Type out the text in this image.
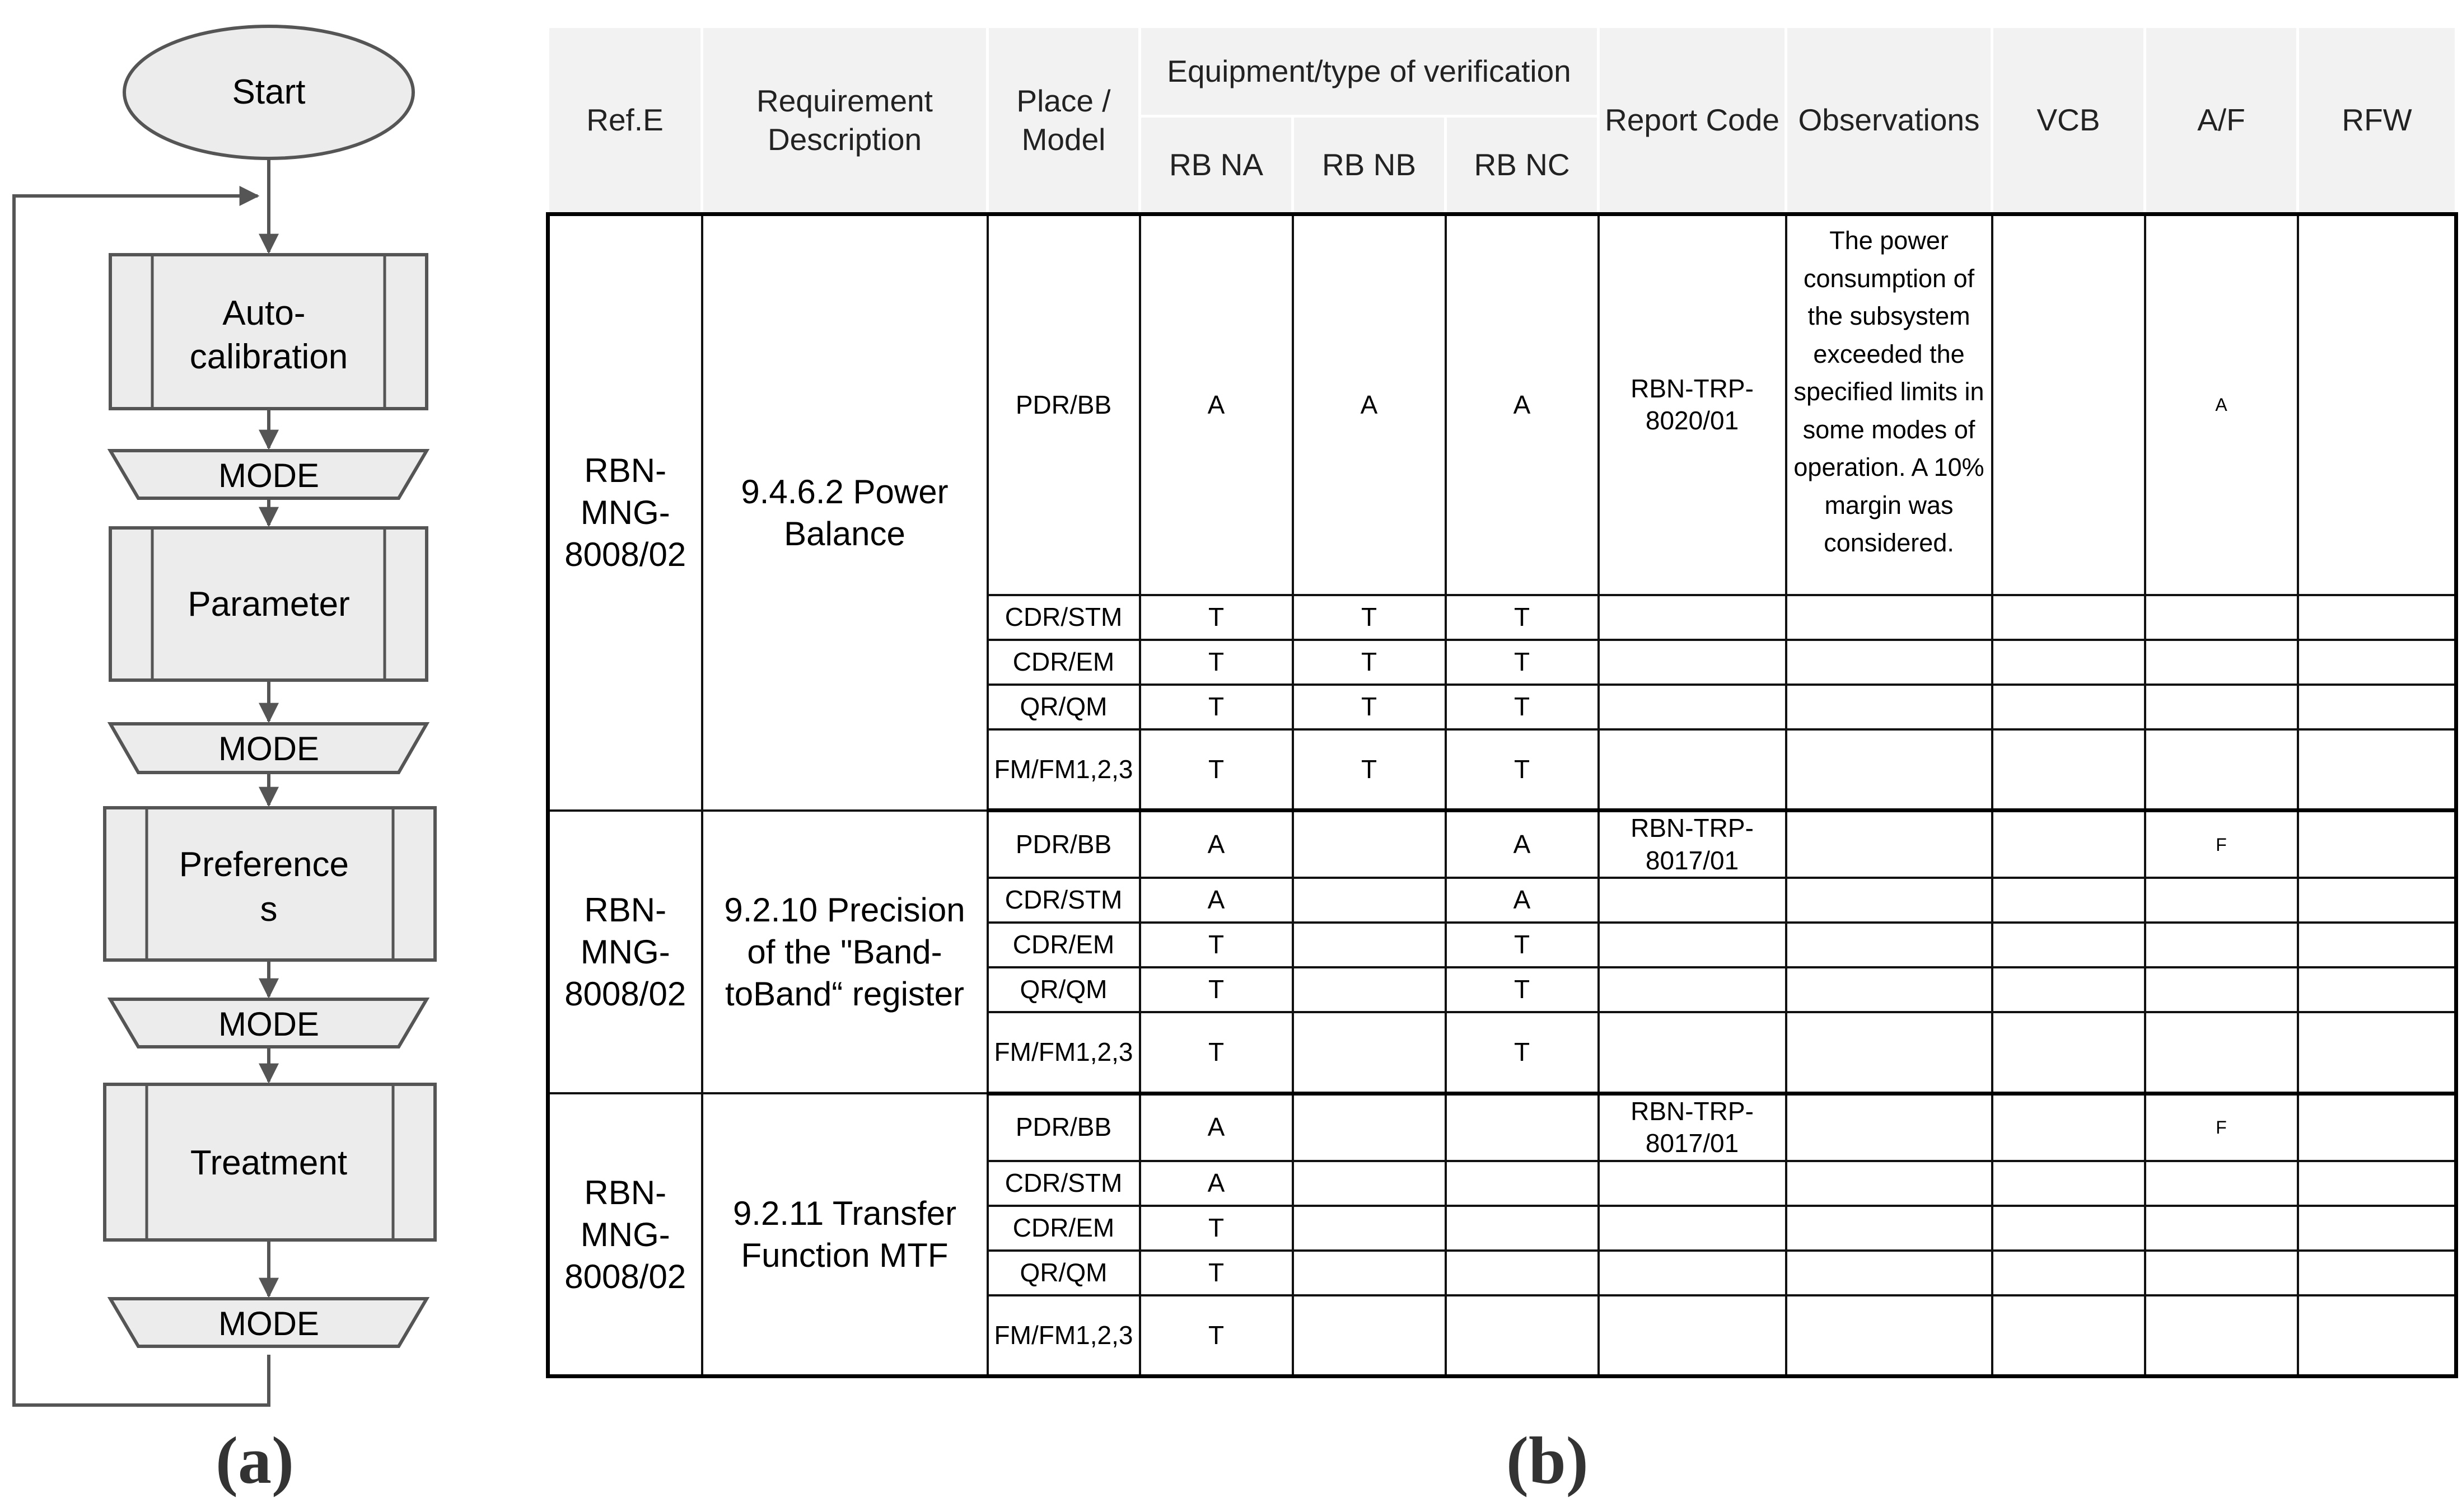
Start
Auto- calibration
MODE
Parameter
MODE
Preference s
MODE
Treatment
MODE
(a)	(b)
Ref.E	Requirement Description	Place / Model	Equipment/type of verification			Report Code	Observations	VCB	A/F	RFW
			RB NA	RB NB	RB NC					
RBN-MNG-8008/02	9.4.6.2 Power Balance	PDR/BB	A	A	A	RBN-TRP-8020/01	The power consumption of the subsystem exceeded the specified limits in some modes of operation. A 10% margin was considered.		A	
		CDR/STM	T	T	T					
		CDR/EM	T	T	T					
		QR/QM	T	T	T					
		FM/FM1,2,3	T	T	T					
RBN-MNG-8008/02	9.2.10 Precision of the "Band-toBand“ register	PDR/BB	A		A	RBN-TRP-8017/01			F	
		CDR/STM	A		A					
		CDR/EM	T		T					
		QR/QM	T		T					
		FM/FM1,2,3	T		T					
RBN-MNG-8008/02	9.2.11 Transfer Function MTF	PDR/BB	A			RBN-TRP-8017/01			F	
		CDR/STM	A							
		CDR/EM	T							
		QR/QM	T							
		FM/FM1,2,3	T							
